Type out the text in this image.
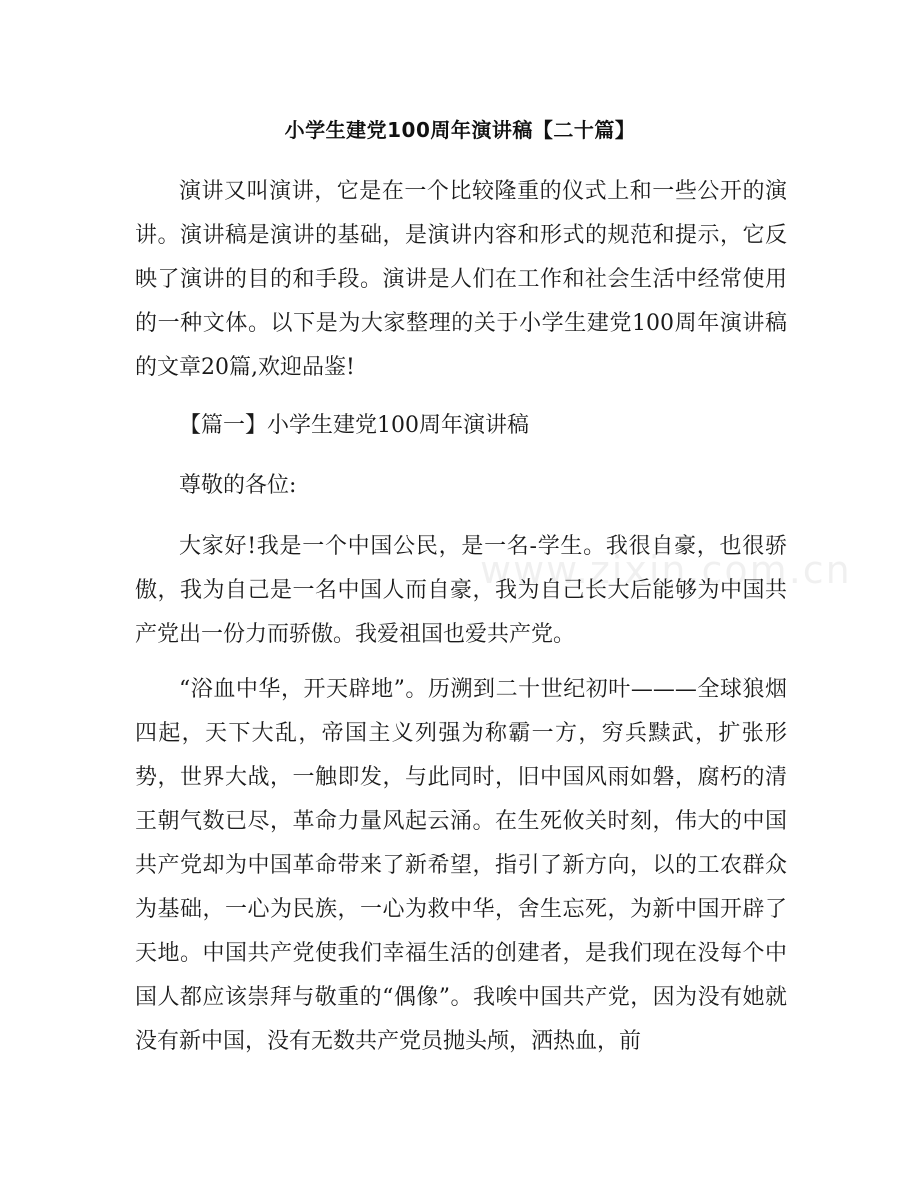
小学生建党100周年演讲稿【二十篇】

演讲又叫演讲，它是在一个比较隆重的仪式上和一些公开的演讲。演讲稿是演讲的基础，是演讲内容和形式的规范和提示，它反映了演讲的目的和手段。演讲是人们在工作和社会生活中经常使用的一种文体。以下是为大家整理的关于小学生建党100周年演讲稿的文章20篇,欢迎品鉴!

【篇一】小学生建党100周年演讲稿

尊敬的各位:

大家好!我是一个中国公民，是一名-学生。我很自豪，也很骄傲，我为自己是一名中国人而自豪，我为自己长大后能够为中国共产党出一份力而骄傲。我爱祖国也爱共产党。

“浴血中华，开天辟地”。历溯到二十世纪初叶———全球狼烟四起，天下大乱，帝国主义列强为称霸一方，穷兵黩武，扩张形势，世界大战，一触即发，与此同时，旧中国风雨如磐，腐朽的清王朝气数已尽，革命力量风起云涌。在生死攸关时刻，伟大的中国共产党却为中国革命带来了新希望，指引了新方向，以的工农群众为基础，一心为民族，一心为救中华，舍生忘死，为新中国开辟了天地。中国共产党使我们幸福生活的创建者，是我们现在没每个中国人都应该崇拜与敬重的“偶像”。我唉中国共产党，因为没有她就没有新中国，没有无数共产党员抛头颅，洒热血，前

www.zixin.com.cn
